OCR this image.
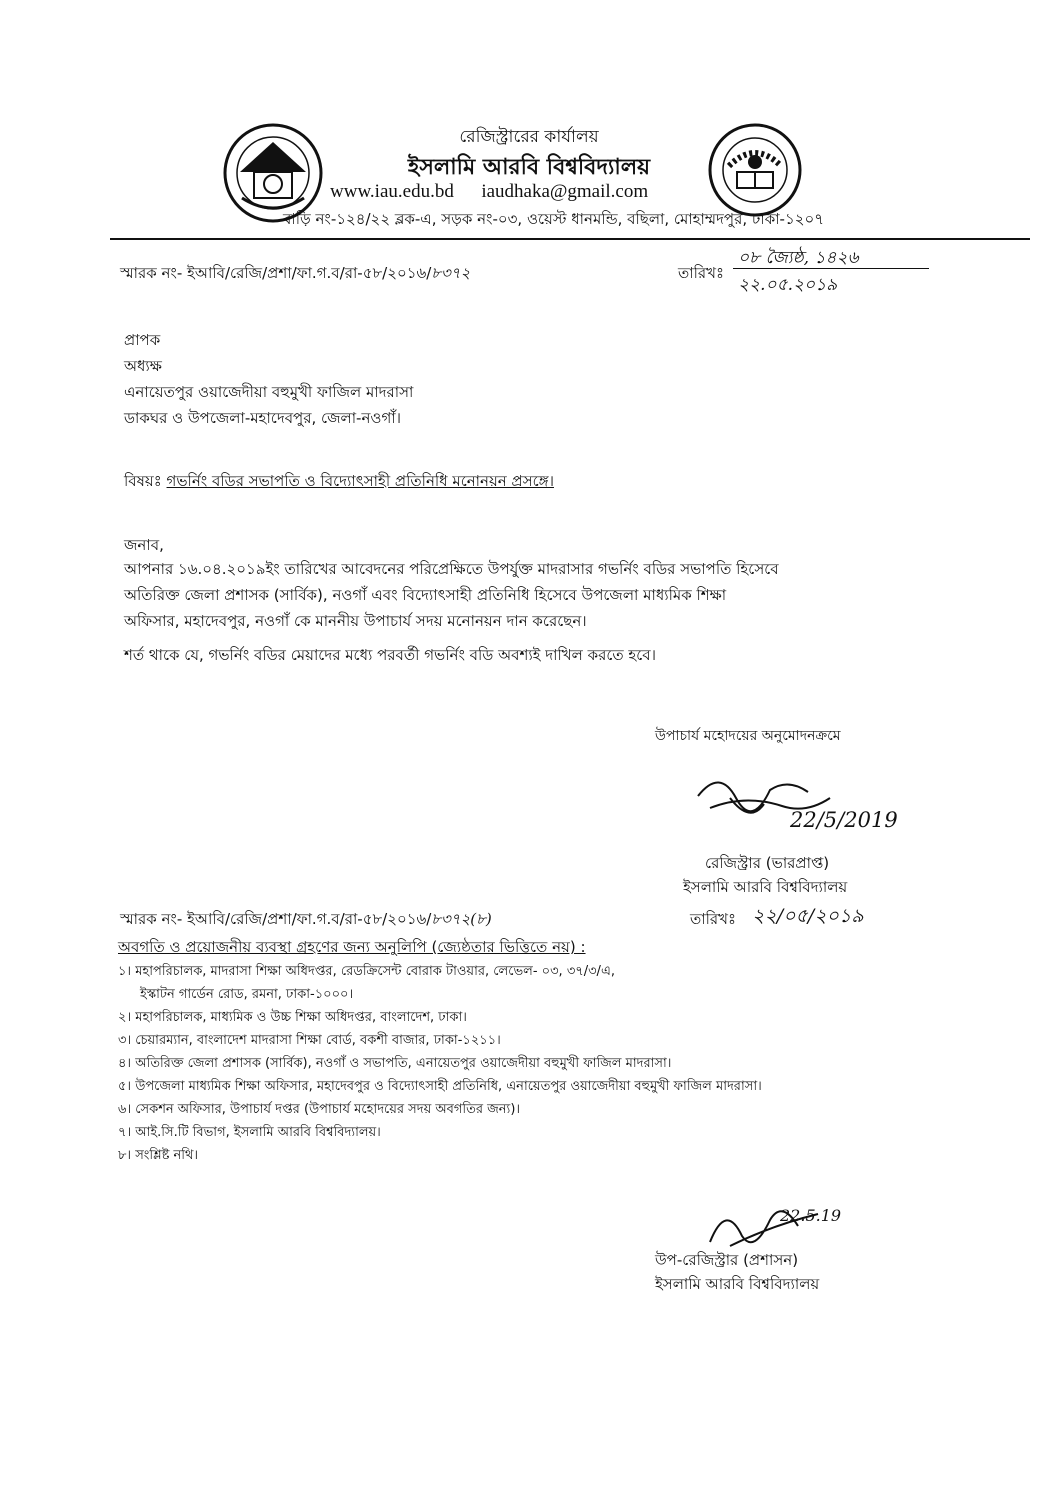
রেজিস্ট্রারের কার্যালয়
ইসলামি আরবি বিশ্ববিদ্যালয়
www.iau.edu.bd iaudhaka@gmail.com
বাড়ি নং-১২৪/২২ ব্লক-এ, সড়ক নং-০৩, ওয়েস্ট ধানমন্ডি, বছিলা, মোহাম্মদপুর, ঢাকা-১২০৭
স্মারক নং- ইআবি/রেজি/প্রশা/ফা.গ.ব/রা-৫৮/২০১৬/৮৩৭২	তারিখঃ
০৮ জ্যৈষ্ঠ, ১৪২৬
২২.০৫.২০১৯
প্রাপক
অধ্যক্ষ
এনায়েতপুর ওয়াজেদীয়া বহুমুখী ফাজিল মাদরাসা
ডাকঘর ও উপজেলা-মহাদেবপুর, জেলা-নওগাঁ।
বিষয়ঃ গভর্নিং বডির সভাপতি ও বিদ্যোৎসাহী প্রতিনিধি মনোনয়ন প্রসঙ্গে।
জনাব,
আপনার ১৬.০৪.২০১৯ইং তারিখের আবেদনের পরিপ্রেক্ষিতে উপর্যুক্ত মাদরাসার গভর্নিং বডির সভাপতি হিসেবে
অতিরিক্ত জেলা প্রশাসক (সার্বিক), নওগাঁ এবং বিদ্যোৎসাহী প্রতিনিধি হিসেবে উপজেলা মাধ্যমিক শিক্ষা
অফিসার, মহাদেবপুর, নওগাঁ কে মাননীয় উপাচার্য সদয় মনোনয়ন দান করেছেন।
শর্ত থাকে যে, গভর্নিং বডির মেয়াদের মধ্যে পরবর্তী গভর্নিং বডি অবশ্যই দাখিল করতে হবে।
উপাচার্য মহোদয়ের অনুমোদনক্রমে
22/5/2019
রেজিস্ট্রার (ভারপ্রাপ্ত)
ইসলামি আরবি বিশ্ববিদ্যালয়
স্মারক নং- ইআবি/রেজি/প্রশা/ফা.গ.ব/রা-৫৮/২০১৬/৮৩৭২(৮)	তারিখঃ ২২/০৫/২০১৯
অবগতি ও প্রয়োজনীয় ব্যবস্থা গ্রহণের জন্য অনুলিপি (জ্যেষ্ঠতার ভিত্তিতে নয়) :
১। মহাপরিচালক, মাদরাসা শিক্ষা অধিদপ্তর, রেডক্রিসেন্ট বোরাক টাওয়ার, লেভেল- ০৩, ৩৭/৩/এ,
ইস্কাটন গার্ডেন রোড, রমনা, ঢাকা-১০০০।
২। মহাপরিচালক, মাধ্যমিক ও উচ্চ শিক্ষা অধিদপ্তর, বাংলাদেশ, ঢাকা।
৩। চেয়ারম্যান, বাংলাদেশ মাদরাসা শিক্ষা বোর্ড, বকশী বাজার, ঢাকা-১২১১।
৪। অতিরিক্ত জেলা প্রশাসক (সার্বিক), নওগাঁ ও সভাপতি, এনায়েতপুর ওয়াজেদীয়া বহুমুখী ফাজিল মাদরাসা।
৫। উপজেলা মাধ্যমিক শিক্ষা অফিসার, মহাদেবপুর ও বিদ্যোৎসাহী প্রতিনিধি, এনায়েতপুর ওয়াজেদীয়া বহুমুখী ফাজিল মাদরাসা।
৬। সেকশন অফিসার, উপাচার্য দপ্তর (উপাচার্য মহোদয়ের সদয় অবগতির জন্য)।
৭। আই.সি.টি বিভাগ, ইসলামি আরবি বিশ্ববিদ্যালয়।
৮। সংশ্লিষ্ট নথি।
22.5.19
উপ-রেজিস্ট্রার (প্রশাসন)
ইসলামি আরবি বিশ্ববিদ্যালয়
